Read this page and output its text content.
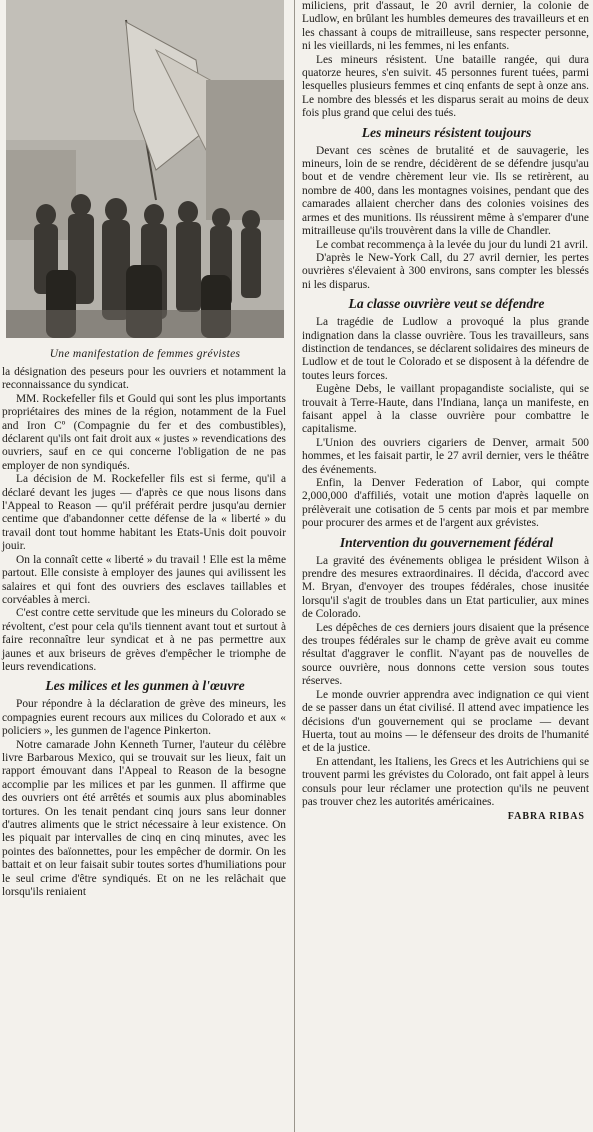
Une manifestation de femmes grévistes

la désignation des peseurs pour les ouvriers et notamment la reconnaissance du syndicat.

MM. Rockefeller fils et Gould qui sont les plus importants propriétaires des mines de la région, notamment de la Fuel and Iron Cº (Compagnie du fer et des combustibles), déclarent qu'ils ont fait droit aux « justes » revendications des ouvriers, sauf en ce qui concerne l'obligation de ne pas employer de non syndiqués.

La décision de M. Rockefeller fils est si ferme, qu'il a déclaré devant les juges — d'après ce que nous lisons dans l'Appeal to Reason — qu'il préférait perdre jusqu'au dernier centime que d'abandonner cette défense de la « liberté » du travail dont tout homme habitant les Etats-Unis doit pouvoir jouir.

On la connaît cette « liberté » du travail ! Elle est la même partout. Elle consiste à employer des jaunes qui avilissent les salaires et qui font des ouvriers des esclaves taillables et corvéables à merci.

C'est contre cette servitude que les mineurs du Colorado se révoltent, c'est pour cela qu'ils tiennent avant tout et surtout à faire reconnaître leur syndicat et à ne pas permettre aux jaunes et aux briseurs de grèves d'empêcher le triomphe de leurs revendications.

Les milices et les gunmen à l'œuvre

Pour répondre à la déclaration de grève des mineurs, les compagnies eurent recours aux milices du Colorado et aux « policiers », les gunmen de l'agence Pinkerton.

Notre camarade John Kenneth Turner, l'auteur du célèbre livre Barbarous Mexico, qui se trouvait sur les lieux, fait un rapport émouvant dans l'Appeal to Reason de la besogne accomplie par les milices et par les gunmen. Il affirme que des ouvriers ont été arrêtés et soumis aux plus abominables tortures. On les tenait pendant cinq jours sans leur donner d'autres aliments que le strict nécessaire à leur existence. On les piquait par intervalles de cinq en cinq minutes, avec les pointes des baïonnettes, pour les empêcher de dormir. On les battait et on leur faisait subir toutes sortes d'humiliations pour le seul crime d'être syndiqués. Et on ne les relâchait que lorsqu'ils reniaient

miliciens, prit d'assaut, le 20 avril dernier, la colonie de Ludlow, en brûlant les humbles demeures des travailleurs et en les chassant à coups de mitrailleuse, sans respecter personne, ni les vieillards, ni les femmes, ni les enfants.

Les mineurs résistent. Une bataille rangée, qui dura quatorze heures, s'en suivit. 45 personnes furent tuées, parmi lesquelles plusieurs femmes et cinq enfants de sept à onze ans. Le nombre des blessés et les disparus serait au moins de deux fois plus grand que celui des tués.

Les mineurs résistent toujours

Devant ces scènes de brutalité et de sauvagerie, les mineurs, loin de se rendre, décidèrent de se défendre jusqu'au bout et de vendre chèrement leur vie. Ils se retirèrent, au nombre de 400, dans les montagnes voisines, pendant que des camarades allaient chercher dans des colonies voisines des armes et des munitions. Ils réussirent même à s'emparer d'une mitrailleuse qu'ils trouvèrent dans la ville de Chandler.

Le combat recommença à la levée du jour du lundi 21 avril.

D'après le New-York Call, du 27 avril dernier, les pertes ouvrières s'élevaient à 300 environs, sans compter les blessés ni les disparus.

La classe ouvrière veut se défendre

La tragédie de Ludlow a provoqué la plus grande indignation dans la classe ouvrière. Tous les travailleurs, sans distinction de tendances, se déclarent solidaires des mineurs de Ludlow et de tout le Colorado et se disposent à la défendre de toutes leurs forces.

Eugène Debs, le vaillant propagandiste socialiste, qui se trouvait à Terre-Haute, dans l'Indiana, lança un manifeste, en faisant appel à la classe ouvrière pour combattre le capitalisme.

L'Union des ouvriers cigariers de Denver, armait 500 hommes, et les faisait partir, le 27 avril dernier, vers le théâtre des événements.

Enfin, la Denver Federation of Labor, qui compte 2,000,000 d'affiliés, votait une motion d'après laquelle on prélèverait une cotisation de 5 cents par mois et par membre pour procurer des armes et de l'argent aux grévistes.

Intervention du gouvernement fédéral

La gravité des événements obligea le président Wilson à prendre des mesures extraordinaires. Il décida, d'accord avec M. Bryan, d'envoyer des troupes fédérales, chose inusitée lorsqu'il s'agit de troubles dans un Etat particulier, aux mines de Colorado.

Les dépêches de ces derniers jours disaient que la présence des troupes fédérales sur le champ de grève avait eu comme résultat d'aggraver le conflit. N'ayant pas de nouvelles de source ouvrière, nous donnons cette version sous toutes réserves.

Le monde ouvrier apprendra avec indignation ce qui vient de se passer dans un état civilisé. Il attend avec impatience les décisions d'un gouvernement qui se proclame — devant Huerta, tout au moins — le défenseur des droits de l'humanité et de la justice.

En attendant, les Italiens, les Grecs et les Autrichiens qui se trouvent parmi les grévistes du Colorado, ont fait appel à leurs consuls pour leur réclamer une protection qu'ils ne peuvent pas trouver chez les autorités américaines.

FABRA RIBAS
